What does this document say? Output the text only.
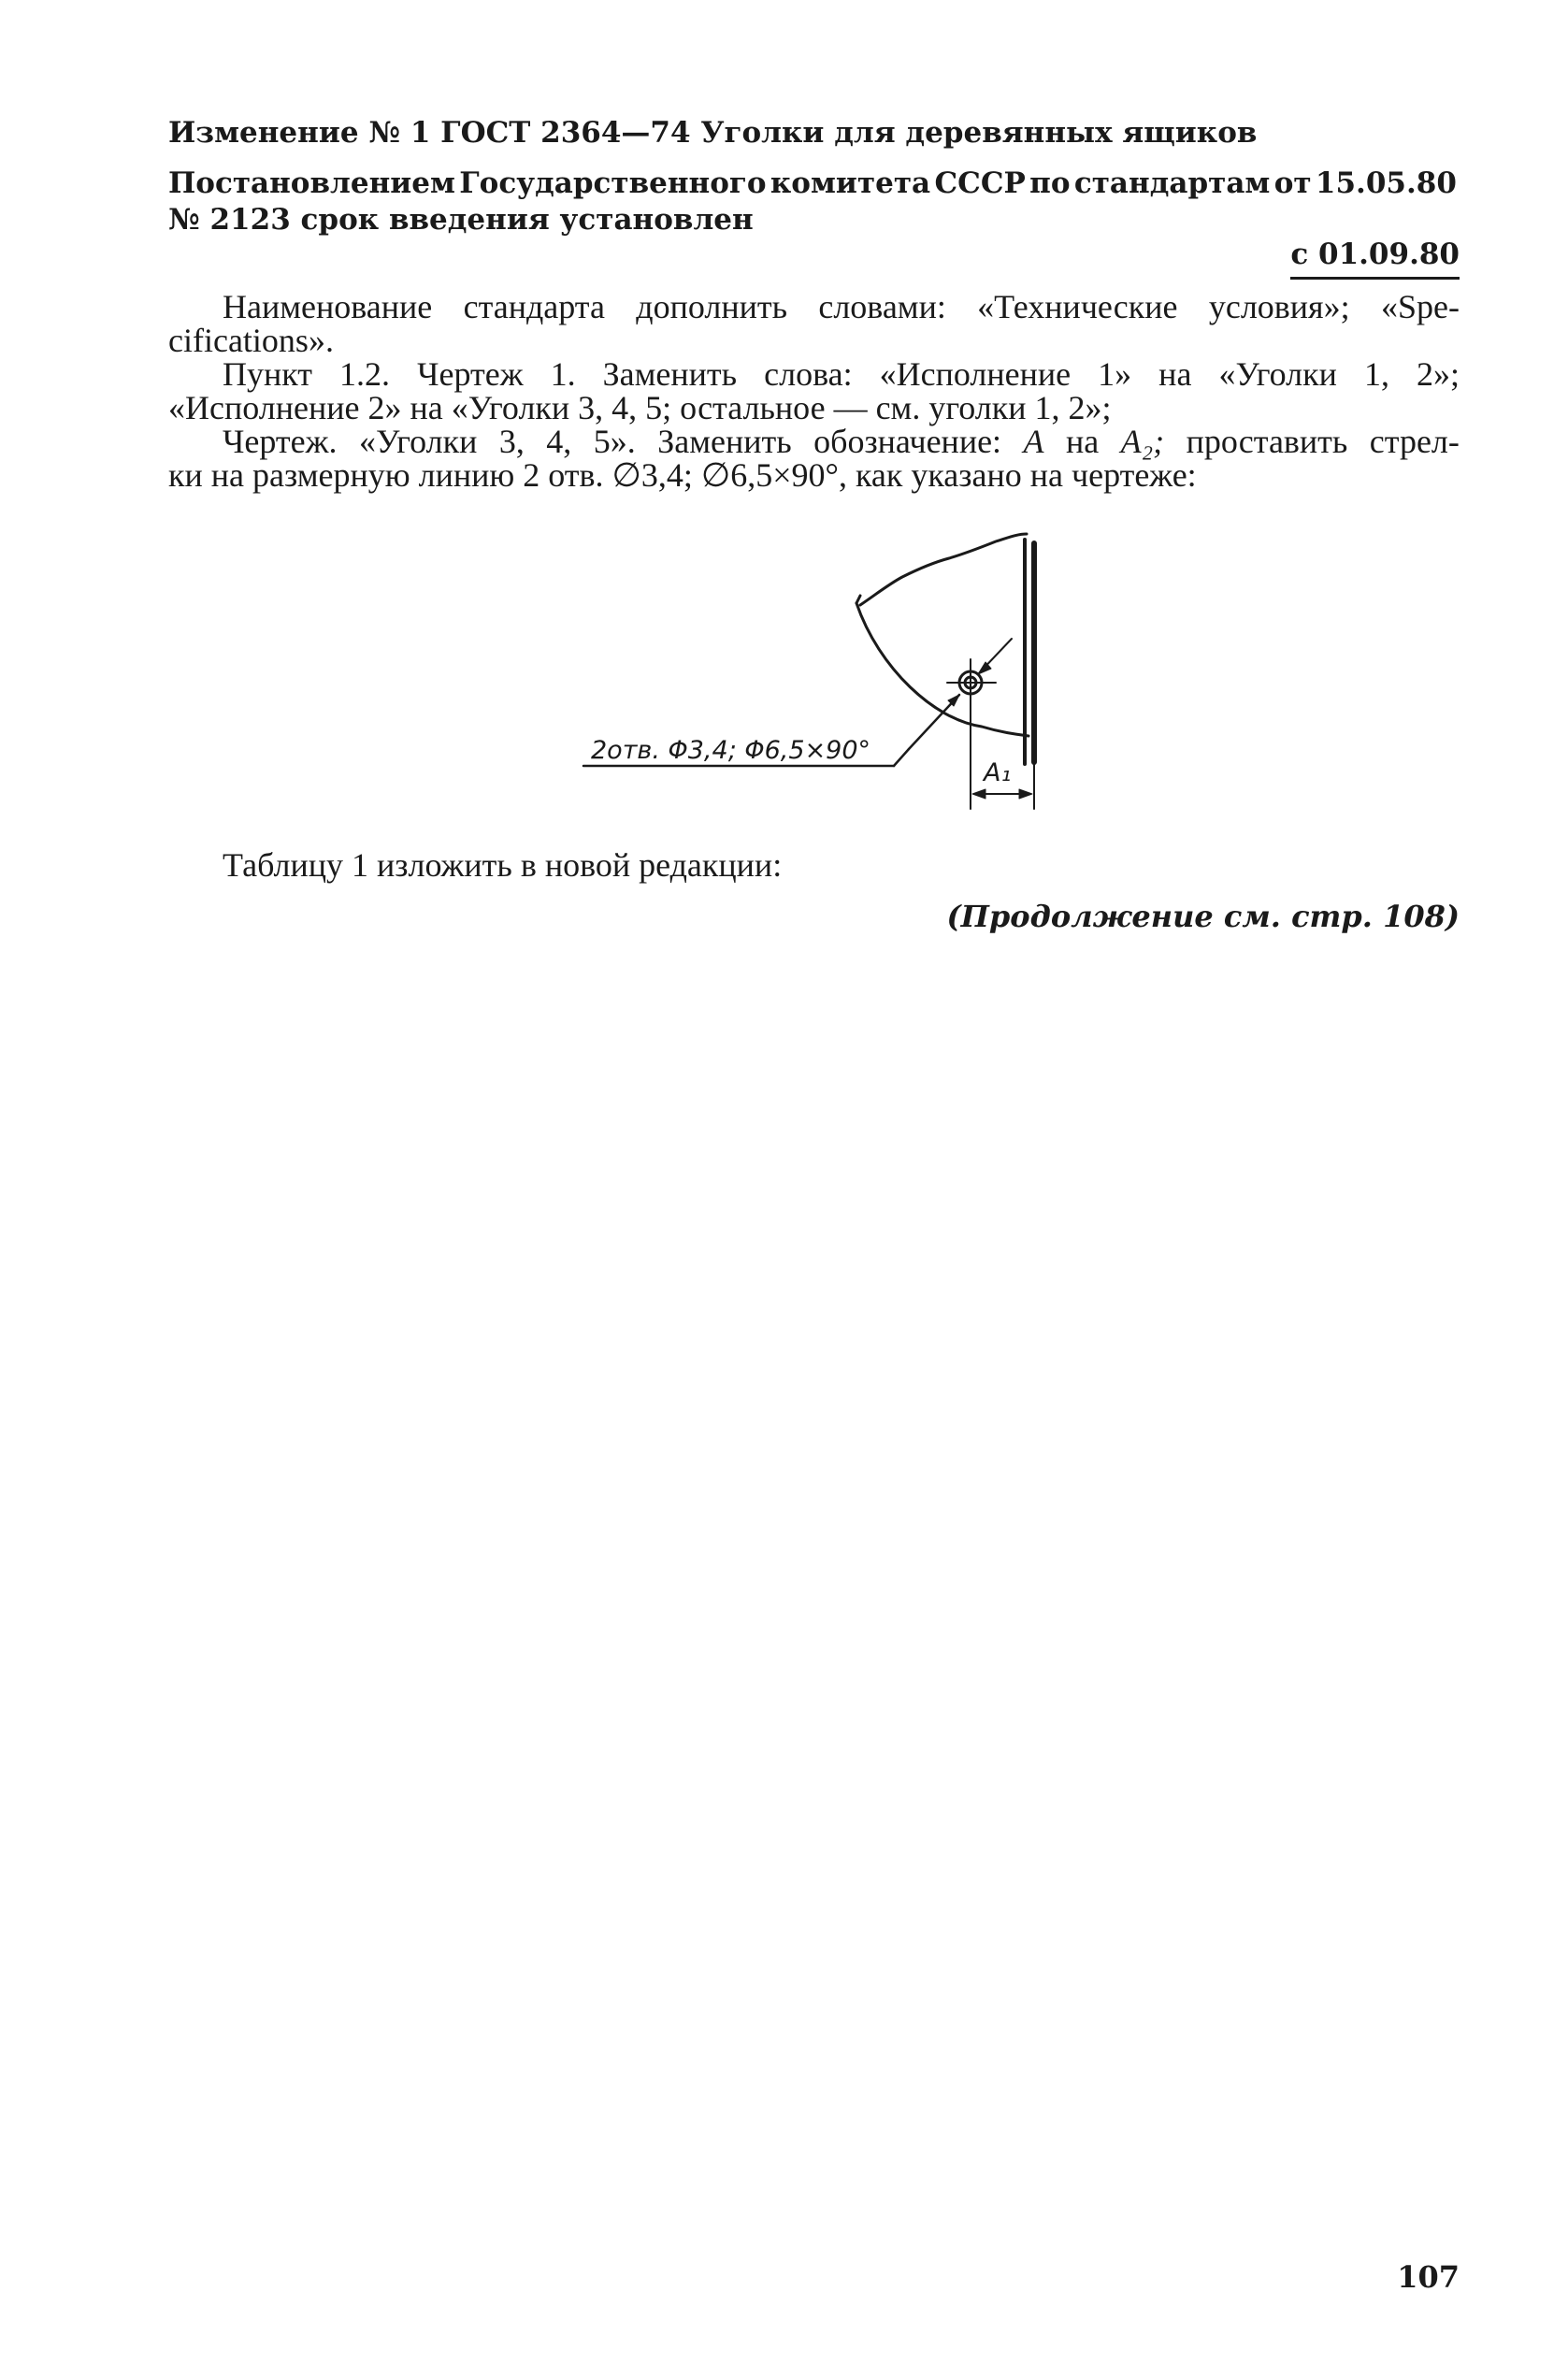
Изменение № 1 ГОСТ 2364—74 Уголки для деревянных ящиков
Постановлением Государственного комитета СССР по стандартам от 15.05.80
№ 2123 срок введения установлен
с 01.09.80
Наименование стандарта дополнить словами: «Технические условия»; «Spe-
cifications».
Пункт 1.2. Чертеж 1. Заменить слова: «Исполнение 1» на «Уголки 1, 2»;
«Исполнение 2» на «Уголки 3, 4, 5; остальное — см. уголки 1, 2»;
Чертеж. «Уголки 3, 4, 5». Заменить обозначение: A на A₂; проставить стрел-
ки на размерную линию 2 отв. ∅3,4; ∅6,5×90°, как указано на чертеже:
2отв. Φ3,4; Φ6,5×90°
A₁
Таблицу 1 изложить в новой редакции:
(Продолжение см. стр. 108)
107
